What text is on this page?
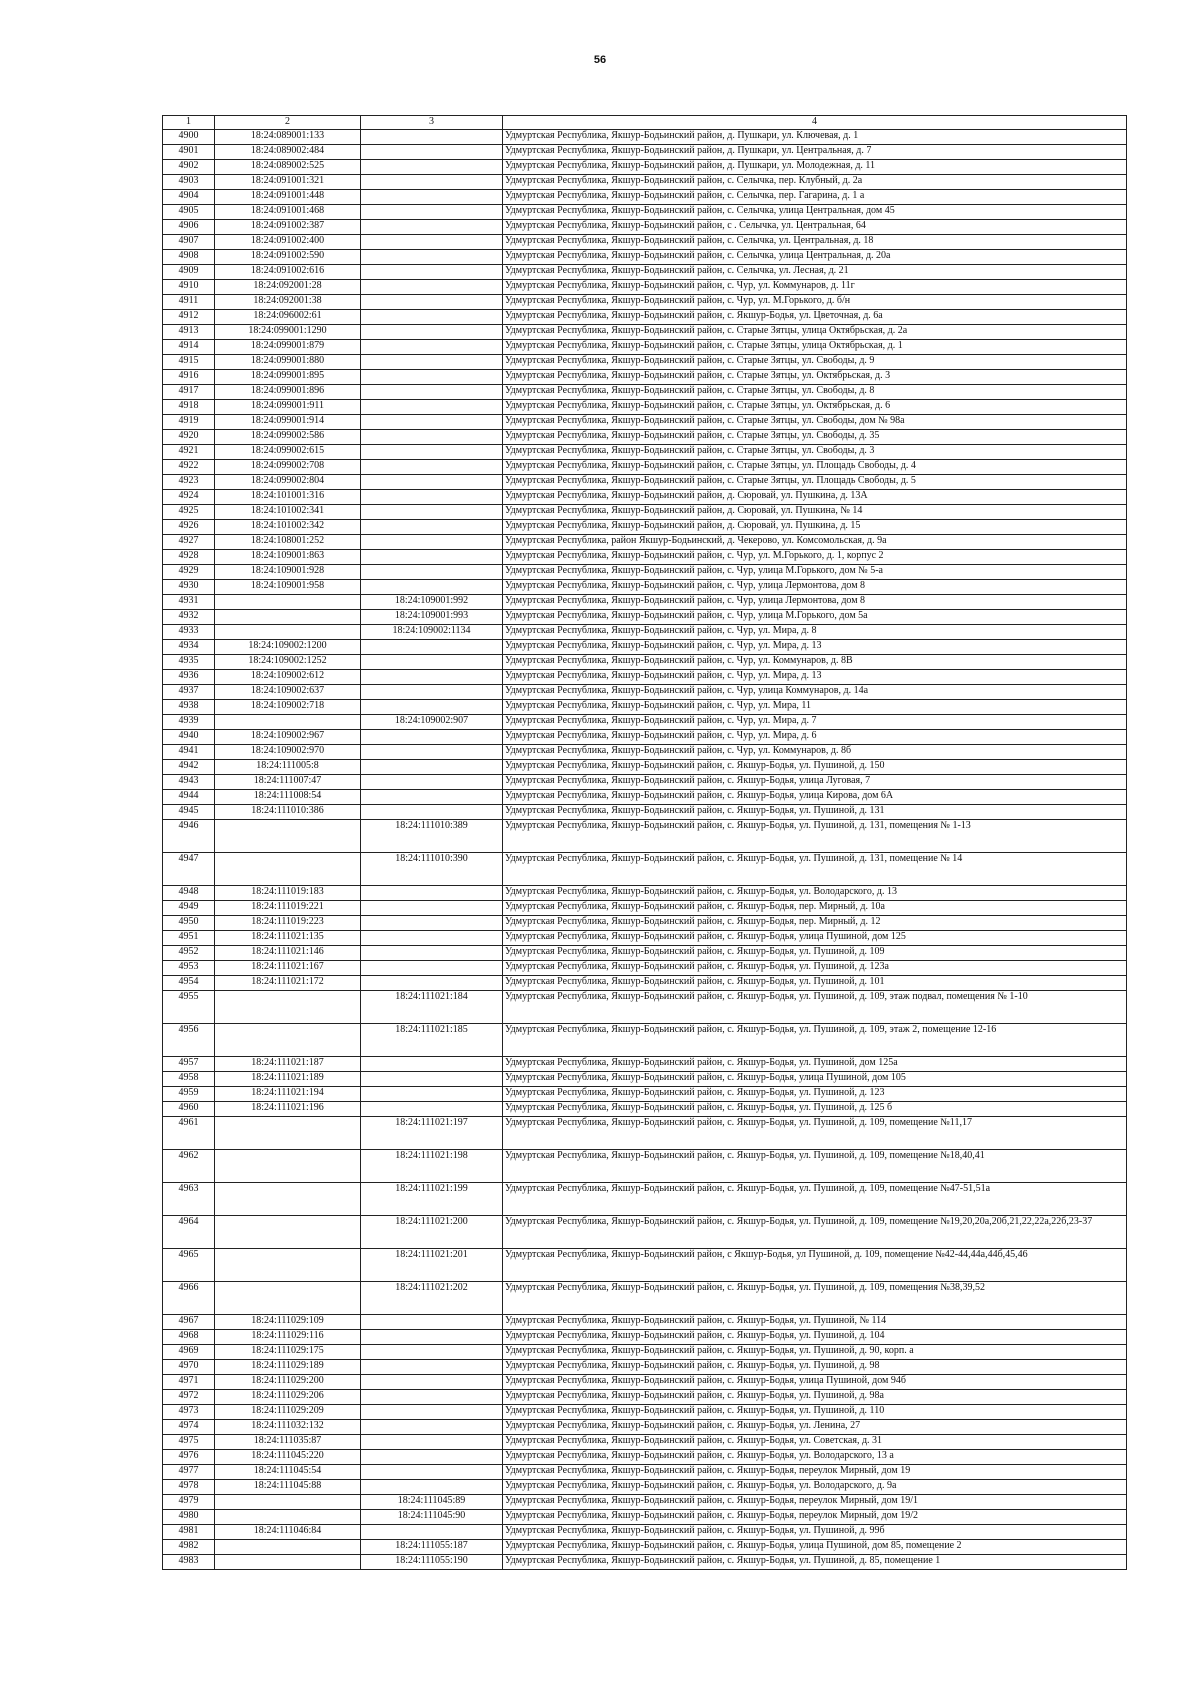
56
1	2	3	4
4900	18:24:089001:133		Удмуртская Республика, Якшур-Бодьинский район, д. Пушкари, ул. Ключевая, д. 1
4901	18:24:089002:484		Удмуртская Республика, Якшур-Бодьинский район, д. Пушкари, ул. Центральная, д. 7
4902	18:24:089002:525		Удмуртская Республика, Якшур-Бодьинский район, д. Пушкари, ул. Молодежная, д. 11
4903	18:24:091001:321		Удмуртская Республика, Якшур-Бодьинский район, с. Селычка, пер. Клубный, д. 2а
4904	18:24:091001:448		Удмуртская Республика, Якшур-Бодьинский район, с. Селычка, пер. Гагарина, д. 1 а
4905	18:24:091001:468		Удмуртская Республика, Якшур-Бодьинский район, с. Селычка, улица Центральная, дом 45
4906	18:24:091002:387		Удмуртская Республика, Якшур-Бодьинский район, с . Селычка, ул. Центральная, 64
4907	18:24:091002:400		Удмуртская Республика, Якшур-Бодьинский район, с. Селычка, ул. Центральная, д. 18
4908	18:24:091002:590		Удмуртская Республика, Якшур-Бодьинский район, с. Селычка, улица Центральная, д. 20а
4909	18:24:091002:616		Удмуртская Республика, Якшур-Бодьинский район, с. Селычка, ул. Лесная, д. 21
4910	18:24:092001:28		Удмуртская Республика, Якшур-Бодьинский район, с. Чур, ул. Коммунаров, д. 11г
4911	18:24:092001:38		Удмуртская Республика, Якшур-Бодьинский район, с. Чур, ул. М.Горького, д. б/н
4912	18:24:096002:61		Удмуртская Республика, Якшур-Бодьинский район, с. Якшур-Бодья, ул. Цветочная, д. 6а
4913	18:24:099001:1290		Удмуртская Республика, Якшур-Бодьинский район, с. Старые Зятцы, улица Октябрьская, д. 2а
4914	18:24:099001:879		Удмуртская Республика, Якшур-Бодьинский район, с. Старые Зятцы, улица Октябрьская, д. 1
4915	18:24:099001:880		Удмуртская Республика, Якшур-Бодьинский район, с. Старые Зятцы, ул. Свободы, д. 9
4916	18:24:099001:895		Удмуртская Республика, Якшур-Бодьинский район, с. Старые Зятцы, ул. Октябрьская, д. 3
4917	18:24:099001:896		Удмуртская Республика, Якшур-Бодьинский район, с. Старые Зятцы, ул. Свободы, д. 8
4918	18:24:099001:911		Удмуртская Республика, Якшур-Бодьинский район, с. Старые Зятцы, ул. Октябрьская, д. 6
4919	18:24:099001:914		Удмуртская Республика, Якшур-Бодьинский район, с. Старые Зятцы, ул. Свободы, дом № 98а
4920	18:24:099002:586		Удмуртская Республика, Якшур-Бодьинский район, с. Старые Зятцы, ул. Свободы, д. 35
4921	18:24:099002:615		Удмуртская Республика, Якшур-Бодьинский район, с. Старые Зятцы, ул. Свободы, д. 3
4922	18:24:099002:708		Удмуртская Республика, Якшур-Бодьинский район, с. Старые Зятцы, ул. Площадь Свободы, д. 4
4923	18:24:099002:804		Удмуртская Республика, Якшур-Бодьинский район, с. Старые Зятцы, ул. Площадь Свободы, д. 5
4924	18:24:101001:316		Удмуртская Республика, Якшур-Бодьинский район, д. Сюровай, ул. Пушкина, д. 13А
4925	18:24:101002:341		Удмуртская Республика, Якшур-Бодьинский район, д. Сюровай, ул. Пушкина, № 14
4926	18:24:101002:342		Удмуртская Республика, Якшур-Бодьинский район, д. Сюровай, ул. Пушкина, д. 15
4927	18:24:108001:252		Удмуртская Республика, район Якшур-Бодьинский, д. Чекерово, ул. Комсомольская, д. 9а
4928	18:24:109001:863		Удмуртская Республика, Якшур-Бодьинский район, с. Чур, ул. М.Горького, д. 1, корпус 2
4929	18:24:109001:928		Удмуртская Республика, Якшур-Бодьинский район, с. Чур, улица М.Горького, дом № 5-а
4930	18:24:109001:958		Удмуртская Республика, Якшур-Бодьинский район, с. Чур, улица Лермонтова, дом 8
4931		18:24:109001:992	Удмуртская Республика, Якшур-Бодьинский район, с. Чур, улица Лермонтова, дом 8
4932		18:24:109001:993	Удмуртская Республика, Якшур-Бодьинский район, с. Чур, улица М.Горького, дом 5а
4933		18:24:109002:1134	Удмуртская Республика, Якшур-Бодьинский район, с. Чур, ул. Мира, д. 8
4934	18:24:109002:1200		Удмуртская Республика, Якшур-Бодьинский район, с. Чур, ул. Мира, д. 13
4935	18:24:109002:1252		Удмуртская Республика, Якшур-Бодьинский район, с. Чур, ул. Коммунаров, д. 8В
4936	18:24:109002:612		Удмуртская Республика, Якшур-Бодьинский район, с. Чур, ул. Мира, д. 13
4937	18:24:109002:637		Удмуртская Республика, Якшур-Бодьинский район, с. Чур, улица Коммунаров, д. 14а
4938	18:24:109002:718		Удмуртская Республика, Якшур-Бодьинский район, с. Чур, ул. Мира, 11
4939		18:24:109002:907	Удмуртская Республика, Якшур-Бодьинский район, с. Чур, ул. Мира, д. 7
4940	18:24:109002:967		Удмуртская Республика, Якшур-Бодьинский район, с. Чур, ул. Мира, д. 6
4941	18:24:109002:970		Удмуртская Республика, Якшур-Бодьинский район, с. Чур, ул. Коммунаров, д. 8б
4942	18:24:111005:8		Удмуртская Республика, Якшур-Бодьинский район, с. Якшур-Бодья, ул. Пушиной, д. 150
4943	18:24:111007:47		Удмуртская Республика, Якшур-Бодьинский район, с. Якшур-Бодья, улица Луговая, 7
4944	18:24:111008:54		Удмуртская Республика, Якшур-Бодьинский район, с. Якшур-Бодья, улица Кирова, дом 6А
4945	18:24:111010:386		Удмуртская Республика, Якшур-Бодьинский район, с. Якшур-Бодья, ул. Пушиной, д. 131
4946		18:24:111010:389	Удмуртская Республика, Якшур-Бодьинский район, с. Якшур-Бодья, ул. Пушиной, д. 131, помещения № 1-13
4947		18:24:111010:390	Удмуртская Республика, Якшур-Бодьинский район, с. Якшур-Бодья, ул. Пушиной, д. 131, помещение № 14
4948	18:24:111019:183		Удмуртская Республика, Якшур-Бодьинский район, с. Якшур-Бодья, ул. Володарского, д. 13
4949	18:24:111019:221		Удмуртская Республика, Якшур-Бодьинский район, с. Якшур-Бодья, пер. Мирный, д. 10а
4950	18:24:111019:223		Удмуртская Республика, Якшур-Бодьинский район, с. Якшур-Бодья, пер. Мирный, д. 12
4951	18:24:111021:135		Удмуртская Республика, Якшур-Бодьинский район, с. Якшур-Бодья, улица Пушиной, дом 125
4952	18:24:111021:146		Удмуртская Республика, Якшур-Бодьинский район, с. Якшур-Бодья, ул. Пушиной, д. 109
4953	18:24:111021:167		Удмуртская Республика, Якшур-Бодьинский район, с. Якшур-Бодья, ул. Пушиной, д. 123а
4954	18:24:111021:172		Удмуртская Республика, Якшур-Бодьинский район, с. Якшур-Бодья, ул. Пушиной, д. 101
4955		18:24:111021:184	Удмуртская Республика, Якшур-Бодьинский район, с. Якшур-Бодья, ул. Пушиной, д. 109, этаж подвал, помещения № 1-10
4956		18:24:111021:185	Удмуртская Республика, Якшур-Бодьинский район, с. Якшур-Бодья, ул. Пушиной, д. 109, этаж 2, помещение 12-16
4957	18:24:111021:187		Удмуртская Республика, Якшур-Бодьинский район, с. Якшур-Бодья, ул. Пушиной, дом 125а
4958	18:24:111021:189		Удмуртская Республика, Якшур-Бодьинский район, с. Якшур-Бодья, улица Пушиной, дом 105
4959	18:24:111021:194		Удмуртская Республика, Якшур-Бодьинский район, с. Якшур-Бодья, ул. Пушиной, д. 123
4960	18:24:111021:196		Удмуртская Республика, Якшур-Бодьинский район, с. Якшур-Бодья, ул. Пушиной, д. 125 б
4961		18:24:111021:197	Удмуртская Республика, Якшур-Бодьинский район, с. Якшур-Бодья, ул. Пушиной, д. 109, помещение №11,17
4962		18:24:111021:198	Удмуртская Республика, Якшур-Бодьинский район, с. Якшур-Бодья, ул. Пушиной, д. 109, помещение №18,40,41
4963		18:24:111021:199	Удмуртская Республика, Якшур-Бодьинский район, с. Якшур-Бодья, ул. Пушиной, д. 109, помещение №47-51,51а
4964		18:24:111021:200	Удмуртская Республика, Якшур-Бодьинский район, с. Якшур-Бодья, ул. Пушиной, д. 109, помещение №19,20,20а,20б,21,22,22а,22б,23-37
4965		18:24:111021:201	Удмуртская Республика, Якшур-Бодьинский район, с Якшур-Бодья, ул Пушиной, д. 109, помещение №42-44,44а,44б,45,46
4966		18:24:111021:202	Удмуртская Республика, Якшур-Бодьинский район, с. Якшур-Бодья, ул. Пушиной, д. 109, помещения №38,39,52
4967	18:24:111029:109		Удмуртская Республика, Якшур-Бодьинский район, с. Якшур-Бодья, ул. Пушиной, № 114
4968	18:24:111029:116		Удмуртская Республика, Якшур-Бодьинский район, с. Якшур-Бодья, ул. Пушиной, д. 104
4969	18:24:111029:175		Удмуртская Республика, Якшур-Бодьинский район, с. Якшур-Бодья, ул. Пушиной, д. 90, корп. а
4970	18:24:111029:189		Удмуртская Республика, Якшур-Бодьинский район, с. Якшур-Бодья, ул. Пушиной, д. 98
4971	18:24:111029:200		Удмуртская Республика, Якшур-Бодьинский район, с. Якшур-Бодья, улица Пушиной, дом 94б
4972	18:24:111029:206		Удмуртская Республика, Якшур-Бодьинский район, с. Якшур-Бодья, ул. Пушиной, д. 98а
4973	18:24:111029:209		Удмуртская Республика, Якшур-Бодьинский район, с. Якшур-Бодья, ул. Пушиной, д. 110
4974	18:24:111032:132		Удмуртская Республика, Якшур-Бодьинский район, с. Якшур-Бодья, ул. Ленина, 27
4975	18:24:111035:87		Удмуртская Республика, Якшур-Бодьинский район, с. Якшур-Бодья, ул. Советская, д. 31
4976	18:24:111045:220		Удмуртская Республика, Якшур-Бодьинский район, с. Якшур-Бодья, ул. Володарского, 13 а
4977	18:24:111045:54		Удмуртская Республика, Якшур-Бодьинский район, с. Якшур-Бодья, переулок Мирный, дом 19
4978	18:24:111045:88		Удмуртская Республика, Якшур-Бодьинский район, с. Якшур-Бодья, ул. Володарского, д. 9а
4979		18:24:111045:89	Удмуртская Республика, Якшур-Бодьинский район, с. Якшур-Бодья, переулок Мирный, дом 19/1
4980		18:24:111045:90	Удмуртская Республика, Якшур-Бодьинский район, с. Якшур-Бодья, переулок Мирный, дом 19/2
4981	18:24:111046:84		Удмуртская Республика, Якшур-Бодьинский район, с. Якшур-Бодья, ул. Пушиной, д. 99б
4982		18:24:111055:187	Удмуртская Республика, Якшур-Бодьинский район, с. Якшур-Бодья, улица Пушиной, дом 85, помещение 2
4983		18:24:111055:190	Удмуртская Республика, Якшур-Бодьинский район, с. Якшур-Бодья, ул. Пушиной, д. 85, помещение 1
